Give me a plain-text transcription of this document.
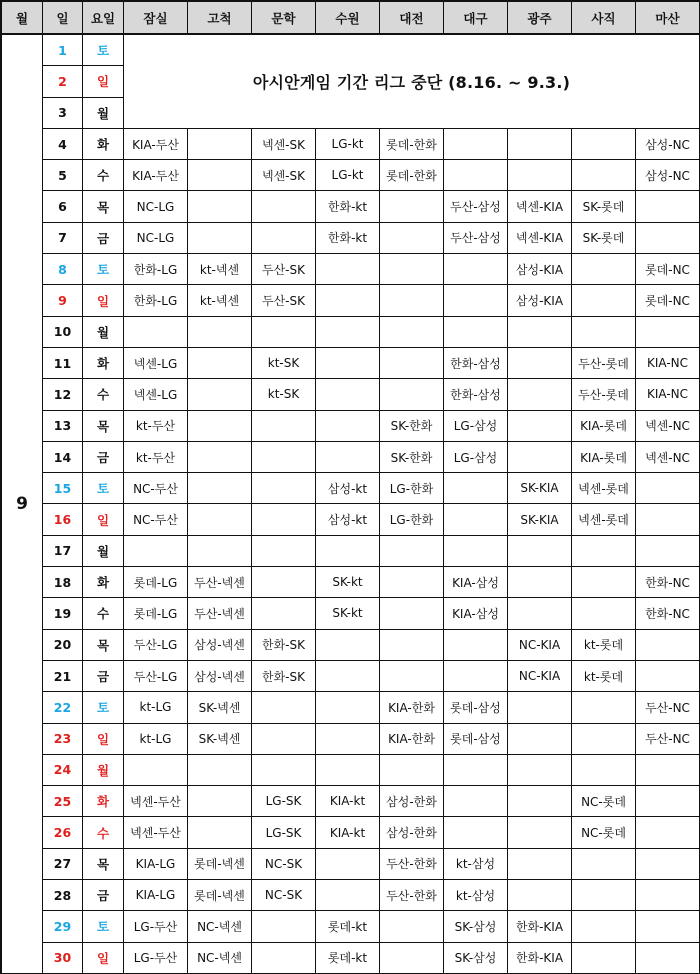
월	일	요일	잠실	고척	문학	수원	대전	대구	광주	사직	마산
9	1	토	아시안게임 기간 리그 중단 (8.16. ~ 9.3.)								
	2	일									
	3	월									
	4	화	KIA-두산		넥센-SK	LG-kt	롯데-한화				삼성-NC
	5	수	KIA-두산		넥센-SK	LG-kt	롯데-한화				삼성-NC
	6	목	NC-LG			한화-kt		두산-삼성	넥센-KIA	SK-롯데	
	7	금	NC-LG			한화-kt		두산-삼성	넥센-KIA	SK-롯데	
	8	토	한화-LG	kt-넥센	두산-SK				삼성-KIA		롯데-NC
	9	일	한화-LG	kt-넥센	두산-SK				삼성-KIA		롯데-NC
	10	월									
	11	화	넥센-LG		kt-SK			한화-삼성		두산-롯데	KIA-NC
	12	수	넥센-LG		kt-SK			한화-삼성		두산-롯데	KIA-NC
	13	목	kt-두산				SK-한화	LG-삼성		KIA-롯데	넥센-NC
	14	금	kt-두산				SK-한화	LG-삼성		KIA-롯데	넥센-NC
	15	토	NC-두산			삼성-kt	LG-한화		SK-KIA	넥센-롯데	
	16	일	NC-두산			삼성-kt	LG-한화		SK-KIA	넥센-롯데	
	17	월									
	18	화	롯데-LG	두산-넥센		SK-kt		KIA-삼성			한화-NC
	19	수	롯데-LG	두산-넥센		SK-kt		KIA-삼성			한화-NC
	20	목	두산-LG	삼성-넥센	한화-SK				NC-KIA	kt-롯데	
	21	금	두산-LG	삼성-넥센	한화-SK				NC-KIA	kt-롯데	
	22	토	kt-LG	SK-넥센			KIA-한화	롯데-삼성			두산-NC
	23	일	kt-LG	SK-넥센			KIA-한화	롯데-삼성			두산-NC
	24	월									
	25	화	넥센-두산		LG-SK	KIA-kt	삼성-한화			NC-롯데	
	26	수	넥센-두산		LG-SK	KIA-kt	삼성-한화			NC-롯데	
	27	목	KIA-LG	롯데-넥센	NC-SK		두산-한화	kt-삼성			
	28	금	KIA-LG	롯데-넥센	NC-SK		두산-한화	kt-삼성			
	29	토	LG-두산	NC-넥센		롯데-kt		SK-삼성	한화-KIA		
	30	일	LG-두산	NC-넥센		롯데-kt		SK-삼성	한화-KIA		
